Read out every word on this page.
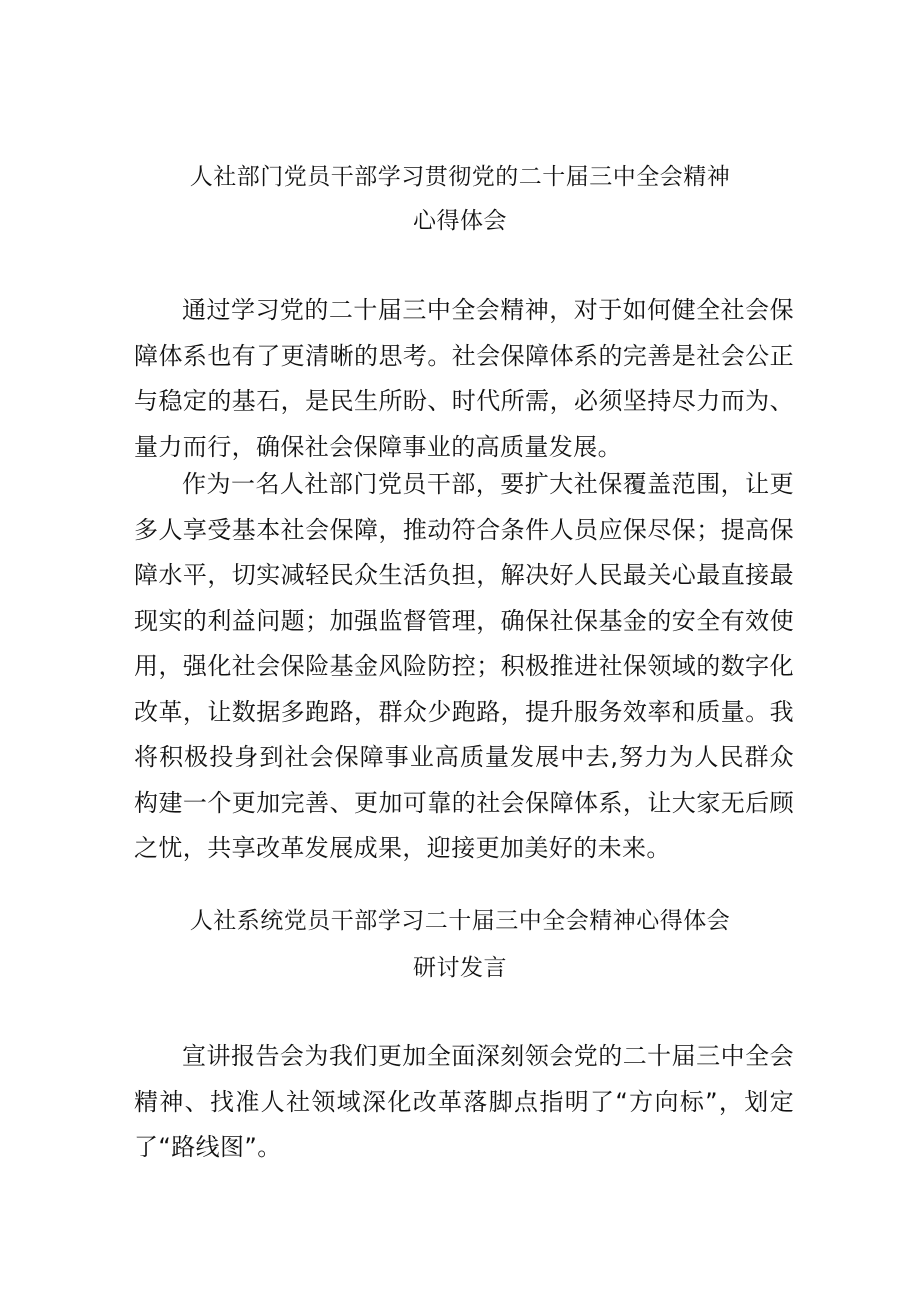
人社部门党员干部学习贯彻党的二十届三中全会精神
心得体会

通过学习党的二十届三中全会精神，对于如何健全社会保障体系也有了更清晰的思考。社会保障体系的完善是社会公正与稳定的基石，是民生所盼、时代所需，必须坚持尽力而为、量力而行，确保社会保障事业的高质量发展。

作为一名人社部门党员干部，要扩大社保覆盖范围，让更多人享受基本社会保障，推动符合条件人员应保尽保；提高保障水平，切实减轻民众生活负担，解决好人民最关心最直接最现实的利益问题；加强监督管理，确保社保基金的安全有效使用，强化社会保险基金风险防控；积极推进社保领域的数字化改革，让数据多跑路，群众少跑路，提升服务效率和质量。我将积极投身到社会保障事业高质量发展中去,努力为人民群众构建一个更加完善、更加可靠的社会保障体系，让大家无后顾之忧，共享改革发展成果，迎接更加美好的未来。

人社系统党员干部学习二十届三中全会精神心得体会
研讨发言

宣讲报告会为我们更加全面深刻领会党的二十届三中全会精神、找准人社领域深化改革落脚点指明了“方向标”，划定了“路线图”。
